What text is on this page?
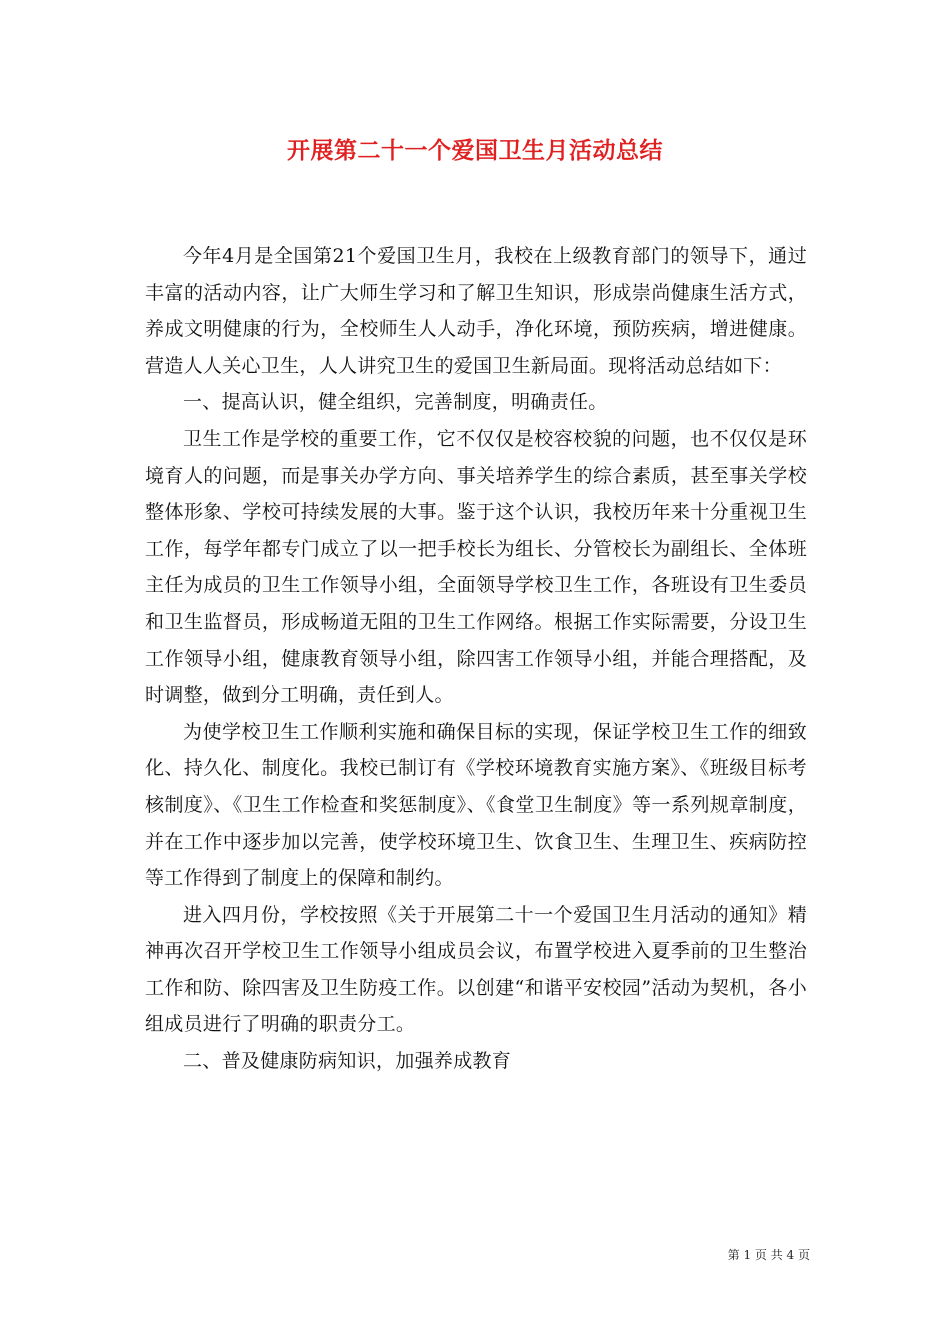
开展第二十一个爱国卫生月活动总结

今年4月是全国第21个爱国卫生月，我校在上级教育部门的领导下，通过丰富的活动内容，让广大师生学习和了解卫生知识，形成崇尚健康生活方式，养成文明健康的行为，全校师生人人动手，净化环境，预防疾病，增进健康。营造人人关心卫生，人人讲究卫生的爱国卫生新局面。现将活动总结如下：

一、提高认识，健全组织，完善制度，明确责任。

卫生工作是学校的重要工作，它不仅仅是校容校貌的问题，也不仅仅是环境育人的问题，而是事关办学方向、事关培养学生的综合素质，甚至事关学校整体形象、学校可持续发展的大事。鉴于这个认识，我校历年来十分重视卫生工作，每学年都专门成立了以一把手校长为组长、分管校长为副组长、全体班主任为成员的卫生工作领导小组，全面领导学校卫生工作，各班设有卫生委员和卫生监督员，形成畅道无阻的卫生工作网络。根据工作实际需要，分设卫生工作领导小组，健康教育领导小组，除四害工作领导小组，并能合理搭配，及时调整，做到分工明确，责任到人。

为使学校卫生工作顺利实施和确保目标的实现，保证学校卫生工作的细致化、持久化、制度化。我校已制订有《学校环境教育实施方案》、《班级目标考核制度》、《卫生工作检查和奖惩制度》、《食堂卫生制度》等一系列规章制度，并在工作中逐步加以完善，使学校环境卫生、饮食卫生、生理卫生、疾病防控等工作得到了制度上的保障和制约。

进入四月份，学校按照《关于开展第二十一个爱国卫生月活动的通知》精神再次召开学校卫生工作领导小组成员会议，布置学校进入夏季前的卫生整治工作和防、除四害及卫生防疫工作。以创建“和谐平安校园”活动为契机，各小组成员进行了明确的职责分工。

二、普及健康防病知识，加强养成教育

第 1 页 共 4 页
